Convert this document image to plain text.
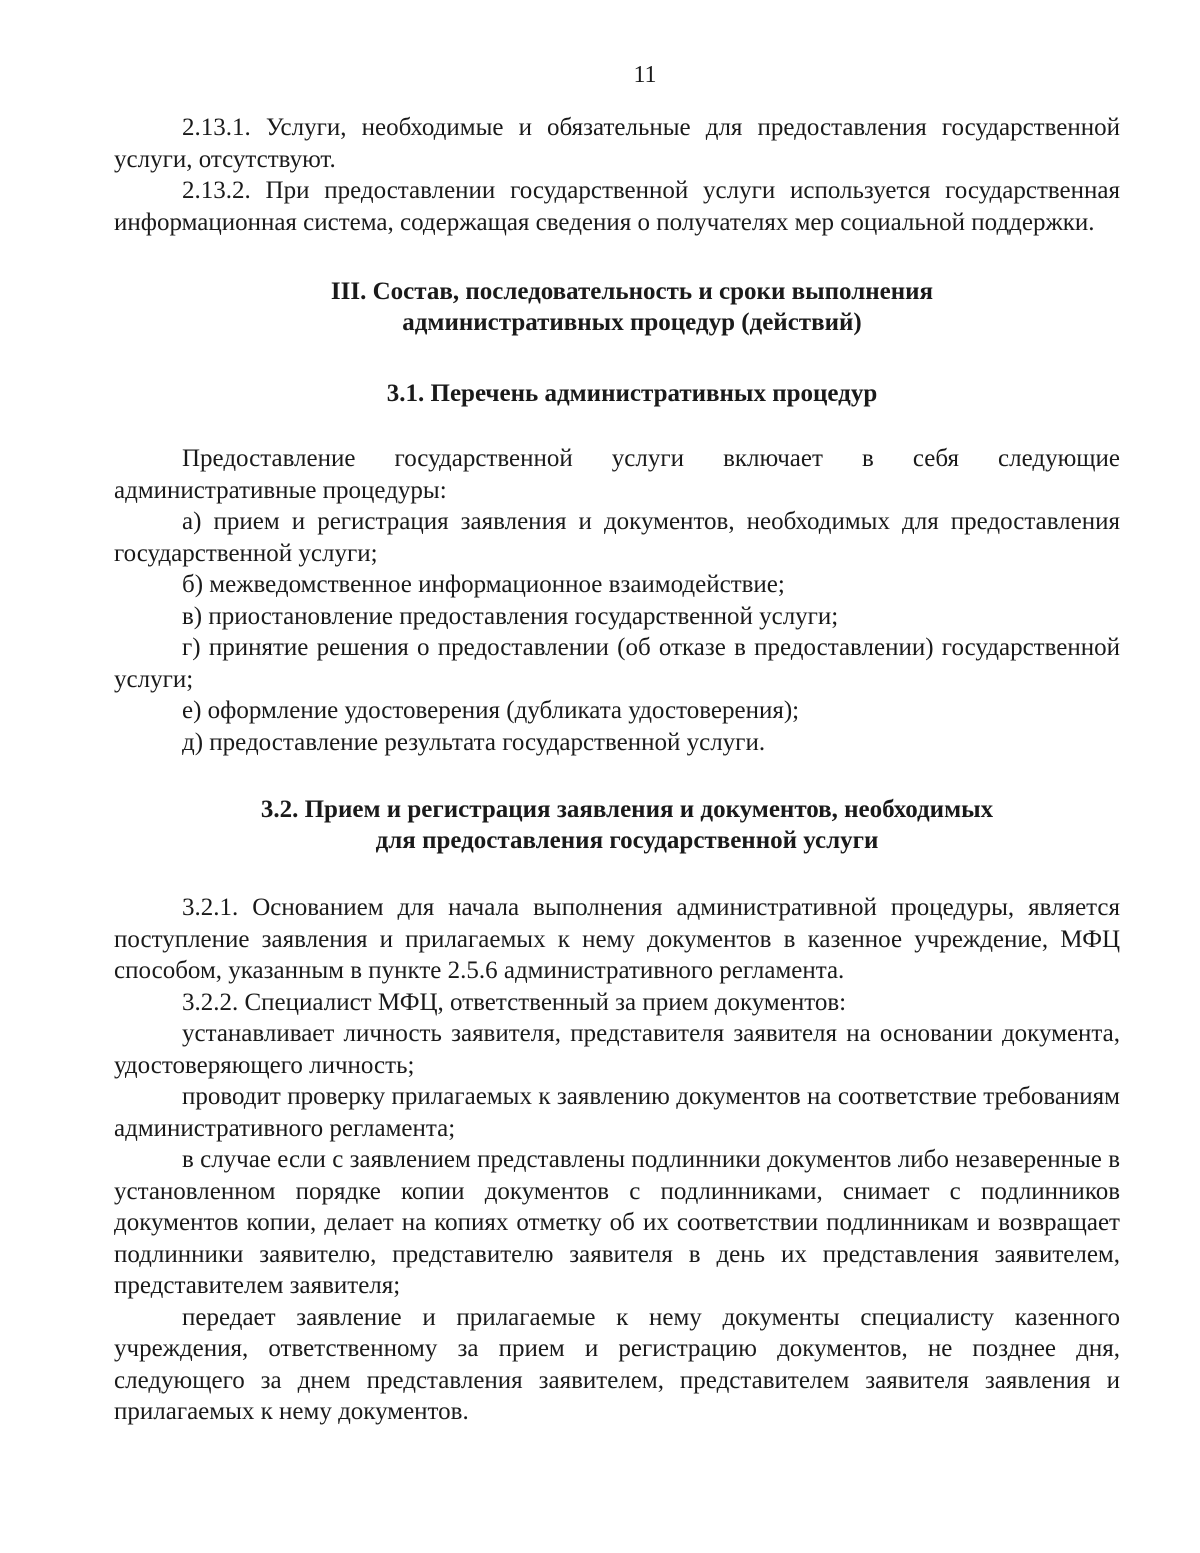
11

2.13.1. Услуги, необходимые и обязательные для предоставления государственной услуги, отсутствуют.

2.13.2. При предоставлении государственной услуги используется государственная информационная система, содержащая сведения о получателях мер социальной поддержки.

III. Состав, последовательность и сроки выполнения
административных процедур (действий)
3.1. Перечень административных процедур

Предоставление государственной услуги включает в себя следующие административные процедуры:

а) прием и регистрация заявления и документов, необходимых для предоставления государственной услуги;

б) межведомственное информационное взаимодействие;

в) приостановление предоставления государственной услуги;

г) принятие решения о предоставлении (об отказе в предоставлении) государственной услуги;

е) оформление удостоверения (дубликата удостоверения);

д) предоставление результата государственной услуги.

3.2. Прием и регистрация заявления и документов, необходимых
для предоставления государственной услуги

3.2.1. Основанием для начала выполнения административной процедуры, является поступление заявления и прилагаемых к нему документов в казенное учреждение, МФЦ способом, указанным в пункте 2.5.6 административного регламента.

3.2.2. Специалист МФЦ, ответственный за прием документов:

устанавливает личность заявителя, представителя заявителя на основании документа, удостоверяющего личность;

проводит проверку прилагаемых к заявлению документов на соответствие требованиям административного регламента;

в случае если с заявлением представлены подлинники документов либо незаверенные в установленном порядке копии документов с подлинниками, снимает с подлинников документов копии, делает на копиях отметку об их соответствии подлинникам и возвращает подлинники заявителю, представителю заявителя в день их представления заявителем, представителем заявителя;

передает заявление и прилагаемые к нему документы специалисту казенного учреждения, ответственному за прием и регистрацию документов, не позднее дня, следующего за днем представления заявителем, представителем заявителя заявления и прилагаемых к нему документов.
